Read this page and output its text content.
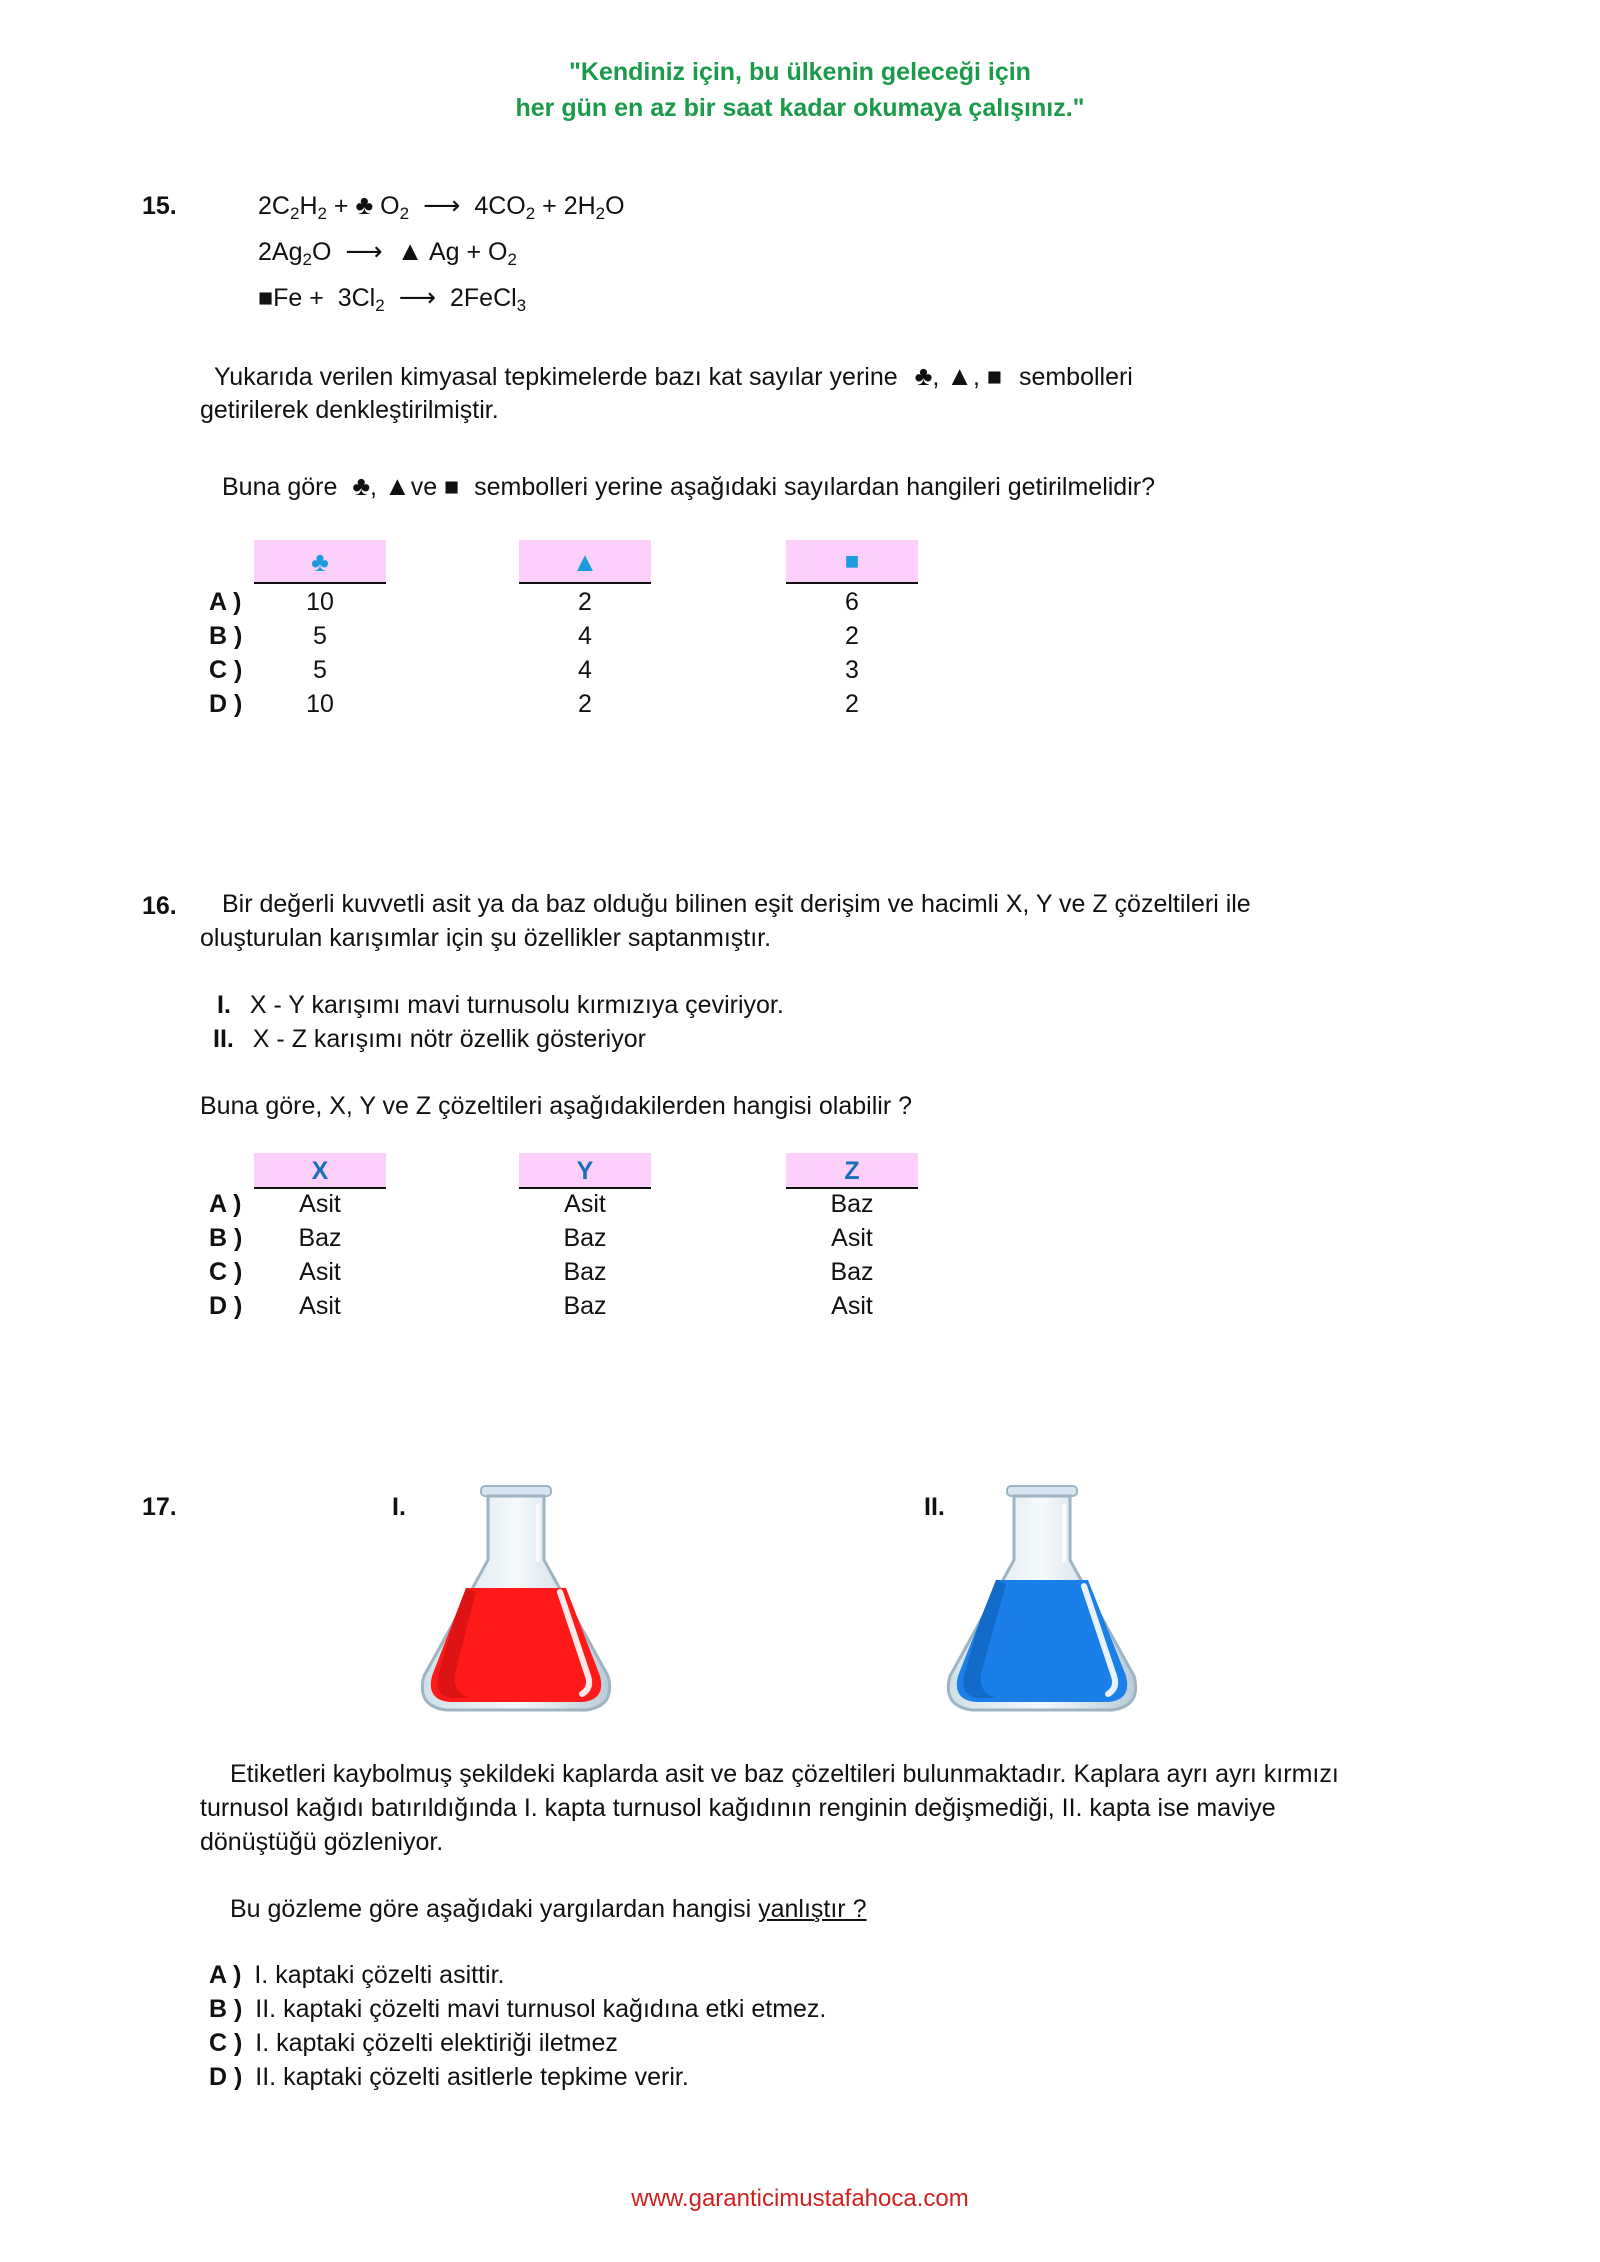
"Kendiniz için, bu ülkenin geleceği için
her gün en az bir saat kadar okumaya çalışınız."
15.	$2C_2H_2$ + ♣ $O_2$ ⟶ $4CO_2 + 2H_2O$
$2Ag_2O$ ⟶ ▲ $Ag + O_2$
■Fe +  $3Cl_2$ ⟶ 2FeCl$_3$
Yukarıda verilen kimyasal tepkimelerde bazı kat sayılar yerine ♣, ▲, ■ sembolleri
getirilerek denkleştirilmiştir.
Buna göre ♣, ▲ve ■ sembolleri yerine aşağıdaki sayılardan hangileri getirilmelidir?
♣	▲	■
A )	10	2	6
B )	5	4	2
C )	5	4	3
D )	10	2	2
16. Bir değerli kuvvetli asit ya da baz olduğu bilinen eşit derişim ve hacimli X, Y ve Z çözeltileri ile
oluşturulan karışımlar için şu özellikler saptanmıştır.
I. X - Y karışımı mavi turnusolu kırmızıya çeviriyor.
II. X - Z karışımı nötr özellik gösteriyor
Buna göre, X, Y ve Z çözeltileri aşağıdakilerden hangisi olabilir ?
X	Y	Z
A )	Asit	Asit	Baz
B )	Baz	Baz	Asit
C )	Asit	Baz	Baz
D )	Asit	Baz	Asit
17.	I.	II.
Etiketleri kaybolmuş şekildeki kaplarda asit ve baz çözeltileri bulunmaktadır. Kaplara ayrı ayrı kırmızı
turnusol kağıdı batırıldığında I. kapta turnusol kağıdının renginin değişmediği, II. kapta ise maviye
dönüştüğü gözleniyor.
Bu gözleme göre aşağıdaki yargılardan hangisi yanlıştır ?
A ) I. kaptaki çözelti asittir.
B ) II. kaptaki çözelti mavi turnusol kağıdına etki etmez.
C ) I. kaptaki çözelti elektiriği iletmez
D ) II. kaptaki çözelti asitlerle tepkime verir.
www.garanticimustafahoca.com
